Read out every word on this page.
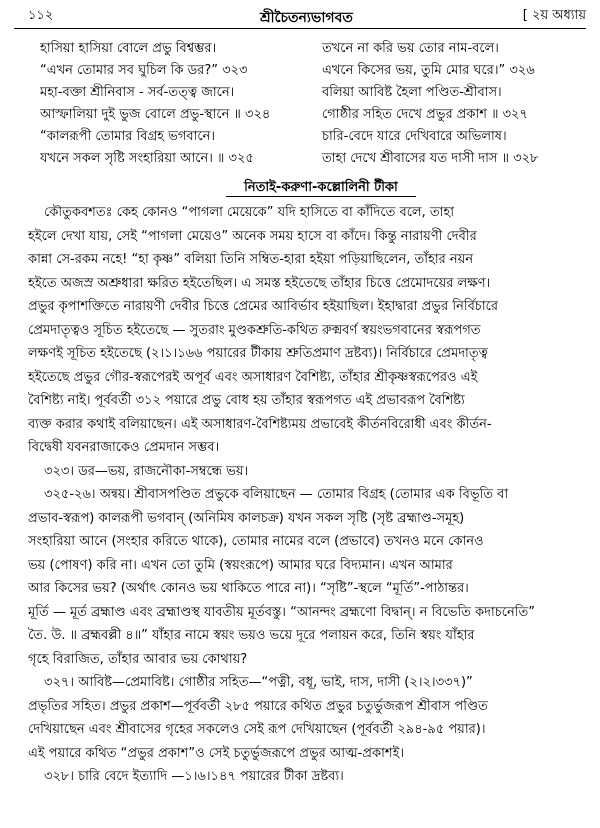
১১২	শ্রীচৈতন্যভাগবত	[ ২য় অধ্যায়
হাসিয়া হাসিয়া বোলে প্রভু বিশ্বম্ভর।	তখনে না করি ভয় তোর নাম-বলে।
“এখন তোমার সব ঘুচিল কি ডর?” ৩২৩	এখনে কিসের ভয়, তুমি মোর ঘরে।” ৩২৬
মহা-বক্তা শ্রীনিবাস - সর্ব-তত্ত্ব জানে।	বলিয়া আবিষ্ট হৈলা পণ্ডিত-শ্রীবাস।
আস্ফালিয়া দুই ভুজ বোলে প্রভু-স্থানে ॥ ৩২৪	গোষ্ঠীর সহিত দেখে প্রভুর প্রকাশ ॥ ৩২৭
“কালরূপী তোমার বিগ্রহ ভগবানে।	চারি-বেদে যারে দেখিবারে অভিলাষ।
যখনে সকল সৃষ্টি সংহারিয়া আনে। ॥ ৩২৫	তাহা দেখে শ্রীবাসের যত দাসী দাস ॥ ৩২৮
নিতাই-করুণা-কল্লোলিনী টীকা
কৌতুকবশতঃ কেহ কোনও “পাগলা মেয়েকে” যদি হাসিতে বা কাঁদিতে বলে, তাহা
হইলে দেখা যায়, সেই “পাগলা মেয়েও” অনেক সময় হাসে বা কাঁদে। কিন্তু নারায়ণী দেবীর
কান্না সে-রকম নহে! “হা কৃষ্ণ” বলিয়া তিনি সম্বিত-হারা হইয়া পড়িয়াছিলেন, তাঁহার নয়ন
হইতে অজস্র অশ্রুধারা ক্ষরিত হইতেছিল। এ সমস্ত হইতেছে তাঁহার চিত্তে প্রেমোদয়ের লক্ষণ।
প্রভুর কৃপাশক্তিতে নারায়ণী দেবীর চিত্তে প্রেমের আবির্ভাব হইয়াছিল। ইহাদ্বারা প্রভুর নির্বিচারে
প্রেমদাতৃত্বও সূচিত হইতেছে — সুতরাং মুণ্ডকশ্রুতি-কথিত রুক্মবর্ণ স্বয়ংভগবানের স্বরূপগত
লক্ষণই সূচিত হইতেছে (২।১।১৬৬ পয়ারের টীকায় শ্রুতিপ্রমাণ দ্রষ্টব্য)। নির্বিচারে প্রেমদাতৃত্ব
হইতেছে প্রভুর গৌর-স্বরূপেরই অপূর্ব এবং অসাধারণ বৈশিষ্ট্য, তাঁহার শ্রীকৃষ্ণস্বরূপেরও এই
বৈশিষ্ট্য নাই। পূর্ববর্তী ৩১২ পয়ারে প্রভু বোধ হয় তাঁহার স্বরূপগত এই প্রভাবরূপ বৈশিষ্ট্য
ব্যক্ত করার কথাই বলিয়াছেন। এই অসাধারণ-বৈশিষ্ট্যময় প্রভাবেই কীর্তনবিরোধী এবং কীর্তন-
বিদ্বেষী যবনরাজাকেও প্রেমদান সম্ভব।
৩২৩। ডর—ভয়, রাজনৌকা-সম্বন্ধে ভয়।
৩২৫-২৬। অন্বয়। শ্রীবাসপণ্ডিত প্রভুকে বলিয়াছেন — তোমার বিগ্রহ (তোমার এক বিভূতি বা
প্রভাব-স্বরূপ) কালরূপী ভগবান্ (অনিমিষ কালচক্র) যখন সকল সৃষ্টি (সৃষ্ট ব্রহ্মাণ্ড-সমূহ)
সংহারিয়া আনে (সংহার করিতে থাকে), তোমার নামের বলে (প্রভাবে) তখনও মনে কোনও
ভয় (পোষণ) করি না। এখন তো তুমি (স্বয়ংরূপে) আমার ঘরে বিদ্যমান। এখন আমার
আর কিসের ভয়? (অর্থাৎ কোনও ভয় থাকিতে পারে না)। “সৃষ্টি”-স্থলে “মূর্তি”-পাঠান্তর।
মূর্তি — মূর্ত ব্রহ্মাণ্ড এবং ব্রহ্মাণ্ডস্থ যাবতীয় মূর্তবস্তু। “আনন্দং ব্রহ্মণো বিদ্বান্। ন বিভেতি কদাচনেতি”
তৈ. উ. ॥ ব্রহ্মবল্লী ৪॥” যাঁহার নামে স্বয়ং ভয়ও ভয়ে দূরে পলায়ন করে, তিনি স্বয়ং যাঁহার
গৃহে বিরাজিত, তাঁহার আবার ভয় কোথায়?
৩২৭। আবিষ্ট—প্রেমাবিষ্ট। গোষ্ঠীর সহিত—“পত্নী, বধূ, ভাই, দাস, দাসী (২।২।৩৩৭)”
প্রভৃতির সহিত। প্রভুর প্রকাশ—পূর্ববর্তী ২৮৫ পয়ারে কথিত প্রভুর চতুর্ভুজরূপ শ্রীবাস পণ্ডিত
দেখিয়াছেন এবং শ্রীবাসের গৃহের সকলেও সেই রূপ দেখিয়াছেন (পূর্ববর্তী ২৯৪-৯৫ পয়ার)।
এই পয়ারে কথিত “প্রভুর প্রকাশ”ও সেই চতুর্ভুজরূপে প্রভুর আত্ম-প্রকাশই।
৩২৮। চারি বেদে ইত্যাদি —১।৬।১৪৭ পয়ারের টীকা দ্রষ্টব্য।
